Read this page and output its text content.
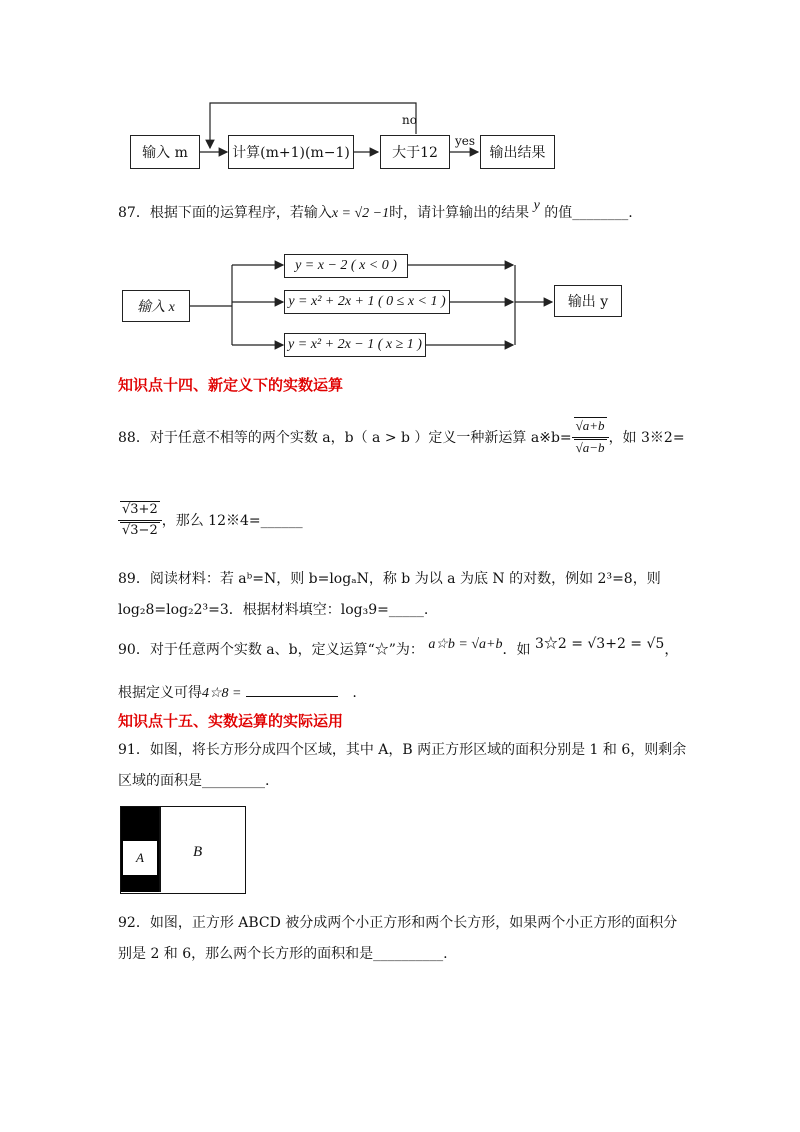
输入 m	计算(m+1)(m−1)	大于12	输出结果
no
yes
87．根据下面的运算程序，若输入x = √2 −1时，请计算输出的结果 y 的值________.
输入 x
y = x − 2 ( x < 0 )
y = x² + 2x + 1 ( 0 ≤ x < 1 )
y = x² + 2x − 1 ( x ≥ 1 )
输出 y
知识点十四、新定义下的实数运算
88．对于任意不相等的两个实数 a，b（ a > b ）定义一种新运算 a※b= $\frac{√a+b}{√a-b}$ ，如 3※2=
$\frac{√3+2}{√3-2}$ ，那么 12※4=______
89．阅读材料：若 aᵇ=N，则 b=logₐN，称 b 为以 a 为底 N 的对数，例如 2³=8，则
log₂8=log₂2³=3．根据材料填空：log₃9=_____.
90．对于任意两个实数 a、b，定义运算“☆”为： a☆b = √a+b．如 3☆2 = √3+2 = √5，
根据定义可得4☆8 =	.
知识点十五、实数运算的实际运用
91．如图，将长方形分成四个区域，其中 A，B 两正方形区域的面积分别是 1 和 6，则剩余
区域的面积是_________.
A	B
92．如图，正方形 ABCD 被分成两个小正方形和两个长方形，如果两个小正方形的面积分
别是 2 和 6，那么两个长方形的面积和是__________.
